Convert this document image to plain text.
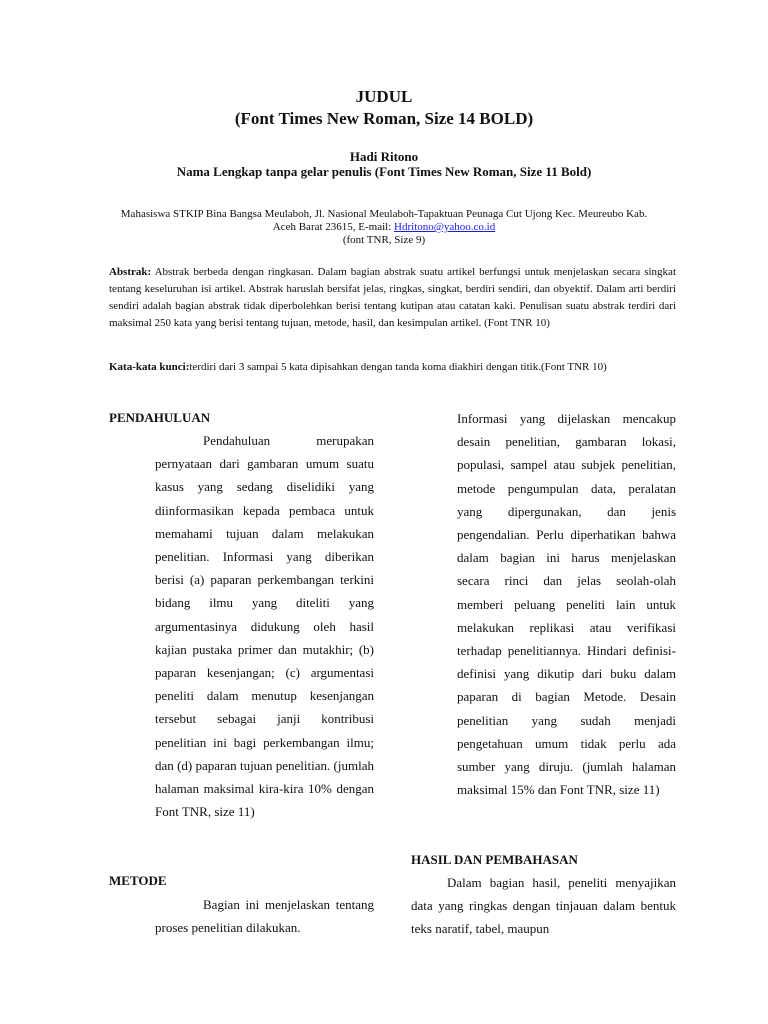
JUDUL
(Font Times New Roman, Size 14 BOLD)
Hadi Ritono
Nama Lengkap tanpa gelar penulis (Font Times New Roman, Size 11 Bold)
Mahasiswa STKIP Bina Bangsa Meulaboh, Jl. Nasional Meulaboh-Tapaktuan Peunaga Cut Ujong Kec. Meureubo Kab.
Aceh Barat 23615, E-mail: Hdritono@yahoo.co.id
(font TNR, Size 9)
Abstrak: Abstrak berbeda dengan ringkasan. Dalam bagian abstrak suatu artikel berfungsi untuk menjelaskan secara singkat tentang keseluruhan isi artikel. Abstrak haruslah bersifat jelas, ringkas, singkat, berdiri sendiri, dan obyektif. Dalam arti berdiri sendiri adalah bagian abstrak tidak diperbolehkan berisi tentang kutipan atau catatan kaki. Penulisan suatu abstrak terdiri dari maksimal 250 kata yang berisi tentang tujuan, metode, hasil, dan kesimpulan artikel. (Font TNR 10)
Kata-kata kunci:terdiri dari 3 sampai 5 kata dipisahkan dengan tanda koma diakhiri dengan titik.(Font TNR 10)
PENDAHULUAN
Pendahuluan merupakan pernyataan dari gambaran umum suatu kasus yang sedang diselidiki yang diinformasikan kepada pembaca untuk memahami tujuan dalam melakukan penelitian. Informasi yang diberikan berisi (a) paparan perkembangan terkini bidang ilmu yang diteliti yang argumentasinya didukung oleh hasil kajian pustaka primer dan mutakhir; (b) paparan kesenjangan; (c) argumentasi peneliti dalam menutup kesenjangan tersebut sebagai janji kontribusi penelitian ini bagi perkembangan ilmu; dan (d) paparan tujuan penelitian. (jumlah halaman maksimal kira-kira 10% dengan Font TNR, size 11)
METODE
Bagian ini menjelaskan tentang proses penelitian dilakukan.
Informasi yang dijelaskan mencakup desain penelitian, gambaran lokasi, populasi, sampel atau subjek penelitian, metode pengumpulan data, peralatan yang dipergunakan, dan jenis pengendalian. Perlu diperhatikan bahwa dalam bagian ini harus menjelaskan secara rinci dan jelas seolah-olah memberi peluang peneliti lain untuk melakukan replikasi atau verifikasi terhadap penelitiannya. Hindari definisi-definisi yang dikutip dari buku dalam paparan di bagian Metode. Desain penelitian yang sudah menjadi pengetahuan umum tidak perlu ada sumber yang diruju. (jumlah halaman maksimal 15% dan Font TNR, size 11)
HASIL DAN PEMBAHASAN
Dalam bagian hasil, peneliti menyajikan data yang ringkas dengan tinjauan dalam bentuk teks naratif, tabel, maupun
